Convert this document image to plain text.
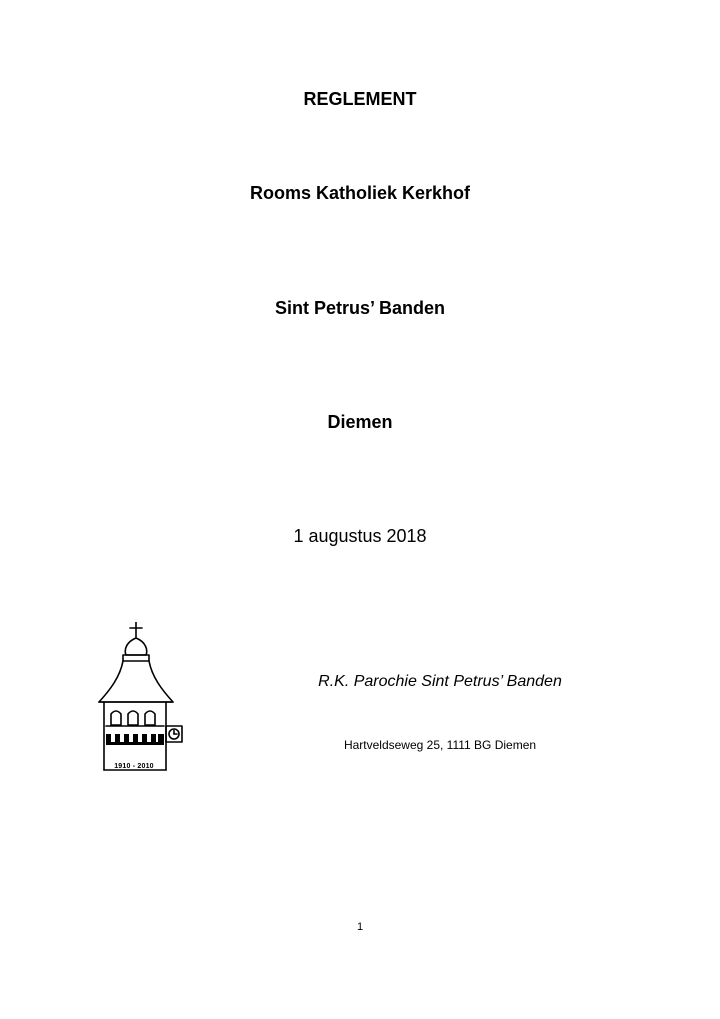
REGLEMENT

Rooms Katholiek Kerkhof

Sint Petrus’ Banden

Diemen

1 augustus 2018

1910 - 2010

R.K. Parochie Sint Petrus’ Banden

Hartveldseweg 25, 1111 BG Diemen

1
